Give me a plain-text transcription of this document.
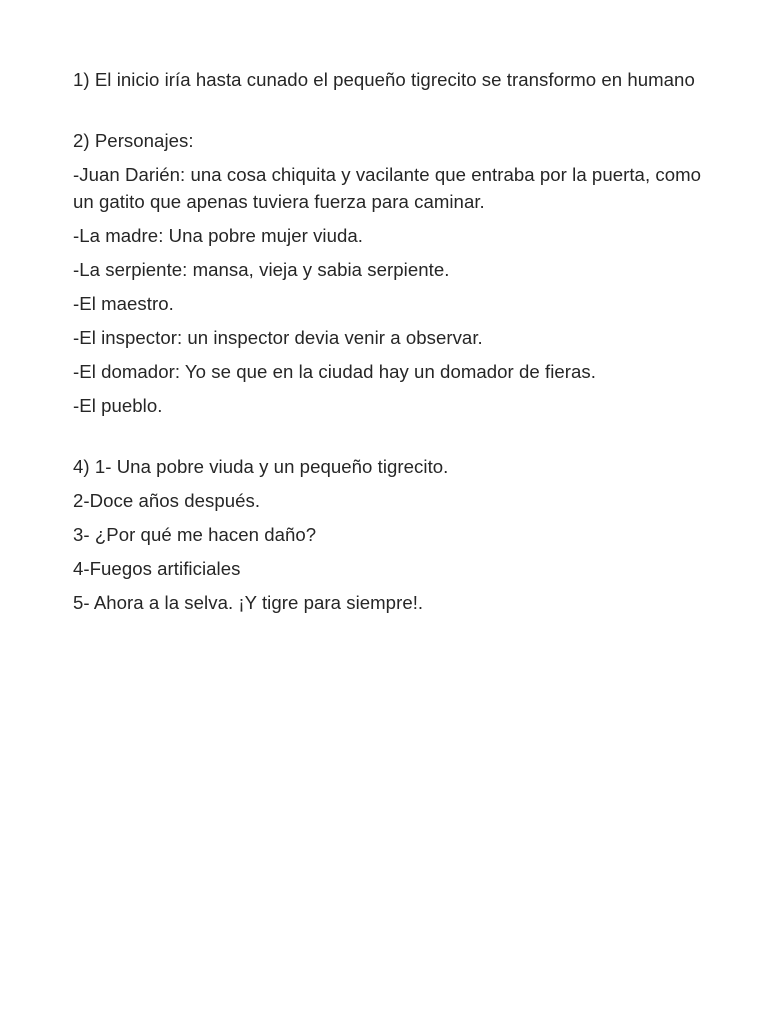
1) El inicio iría hasta cunado el pequeño tigrecito se transformo en humano

2) Personajes:

-Juan Darién: una cosa chiquita y vacilante que entraba por la puerta, como un gatito que apenas tuviera fuerza para caminar.

-La madre: Una pobre mujer viuda.

-La serpiente: mansa, vieja y sabia serpiente.

-El maestro.

-El inspector: un inspector devia venir a observar.

-El domador: Yo se que en la ciudad hay un domador de fieras.

-El pueblo.

4) 1- Una pobre viuda y un pequeño tigrecito.

2-Doce años después.

3- ¿Por qué me hacen daño?

4-Fuegos artificiales

5- Ahora a la selva. ¡Y tigre para siempre!.
